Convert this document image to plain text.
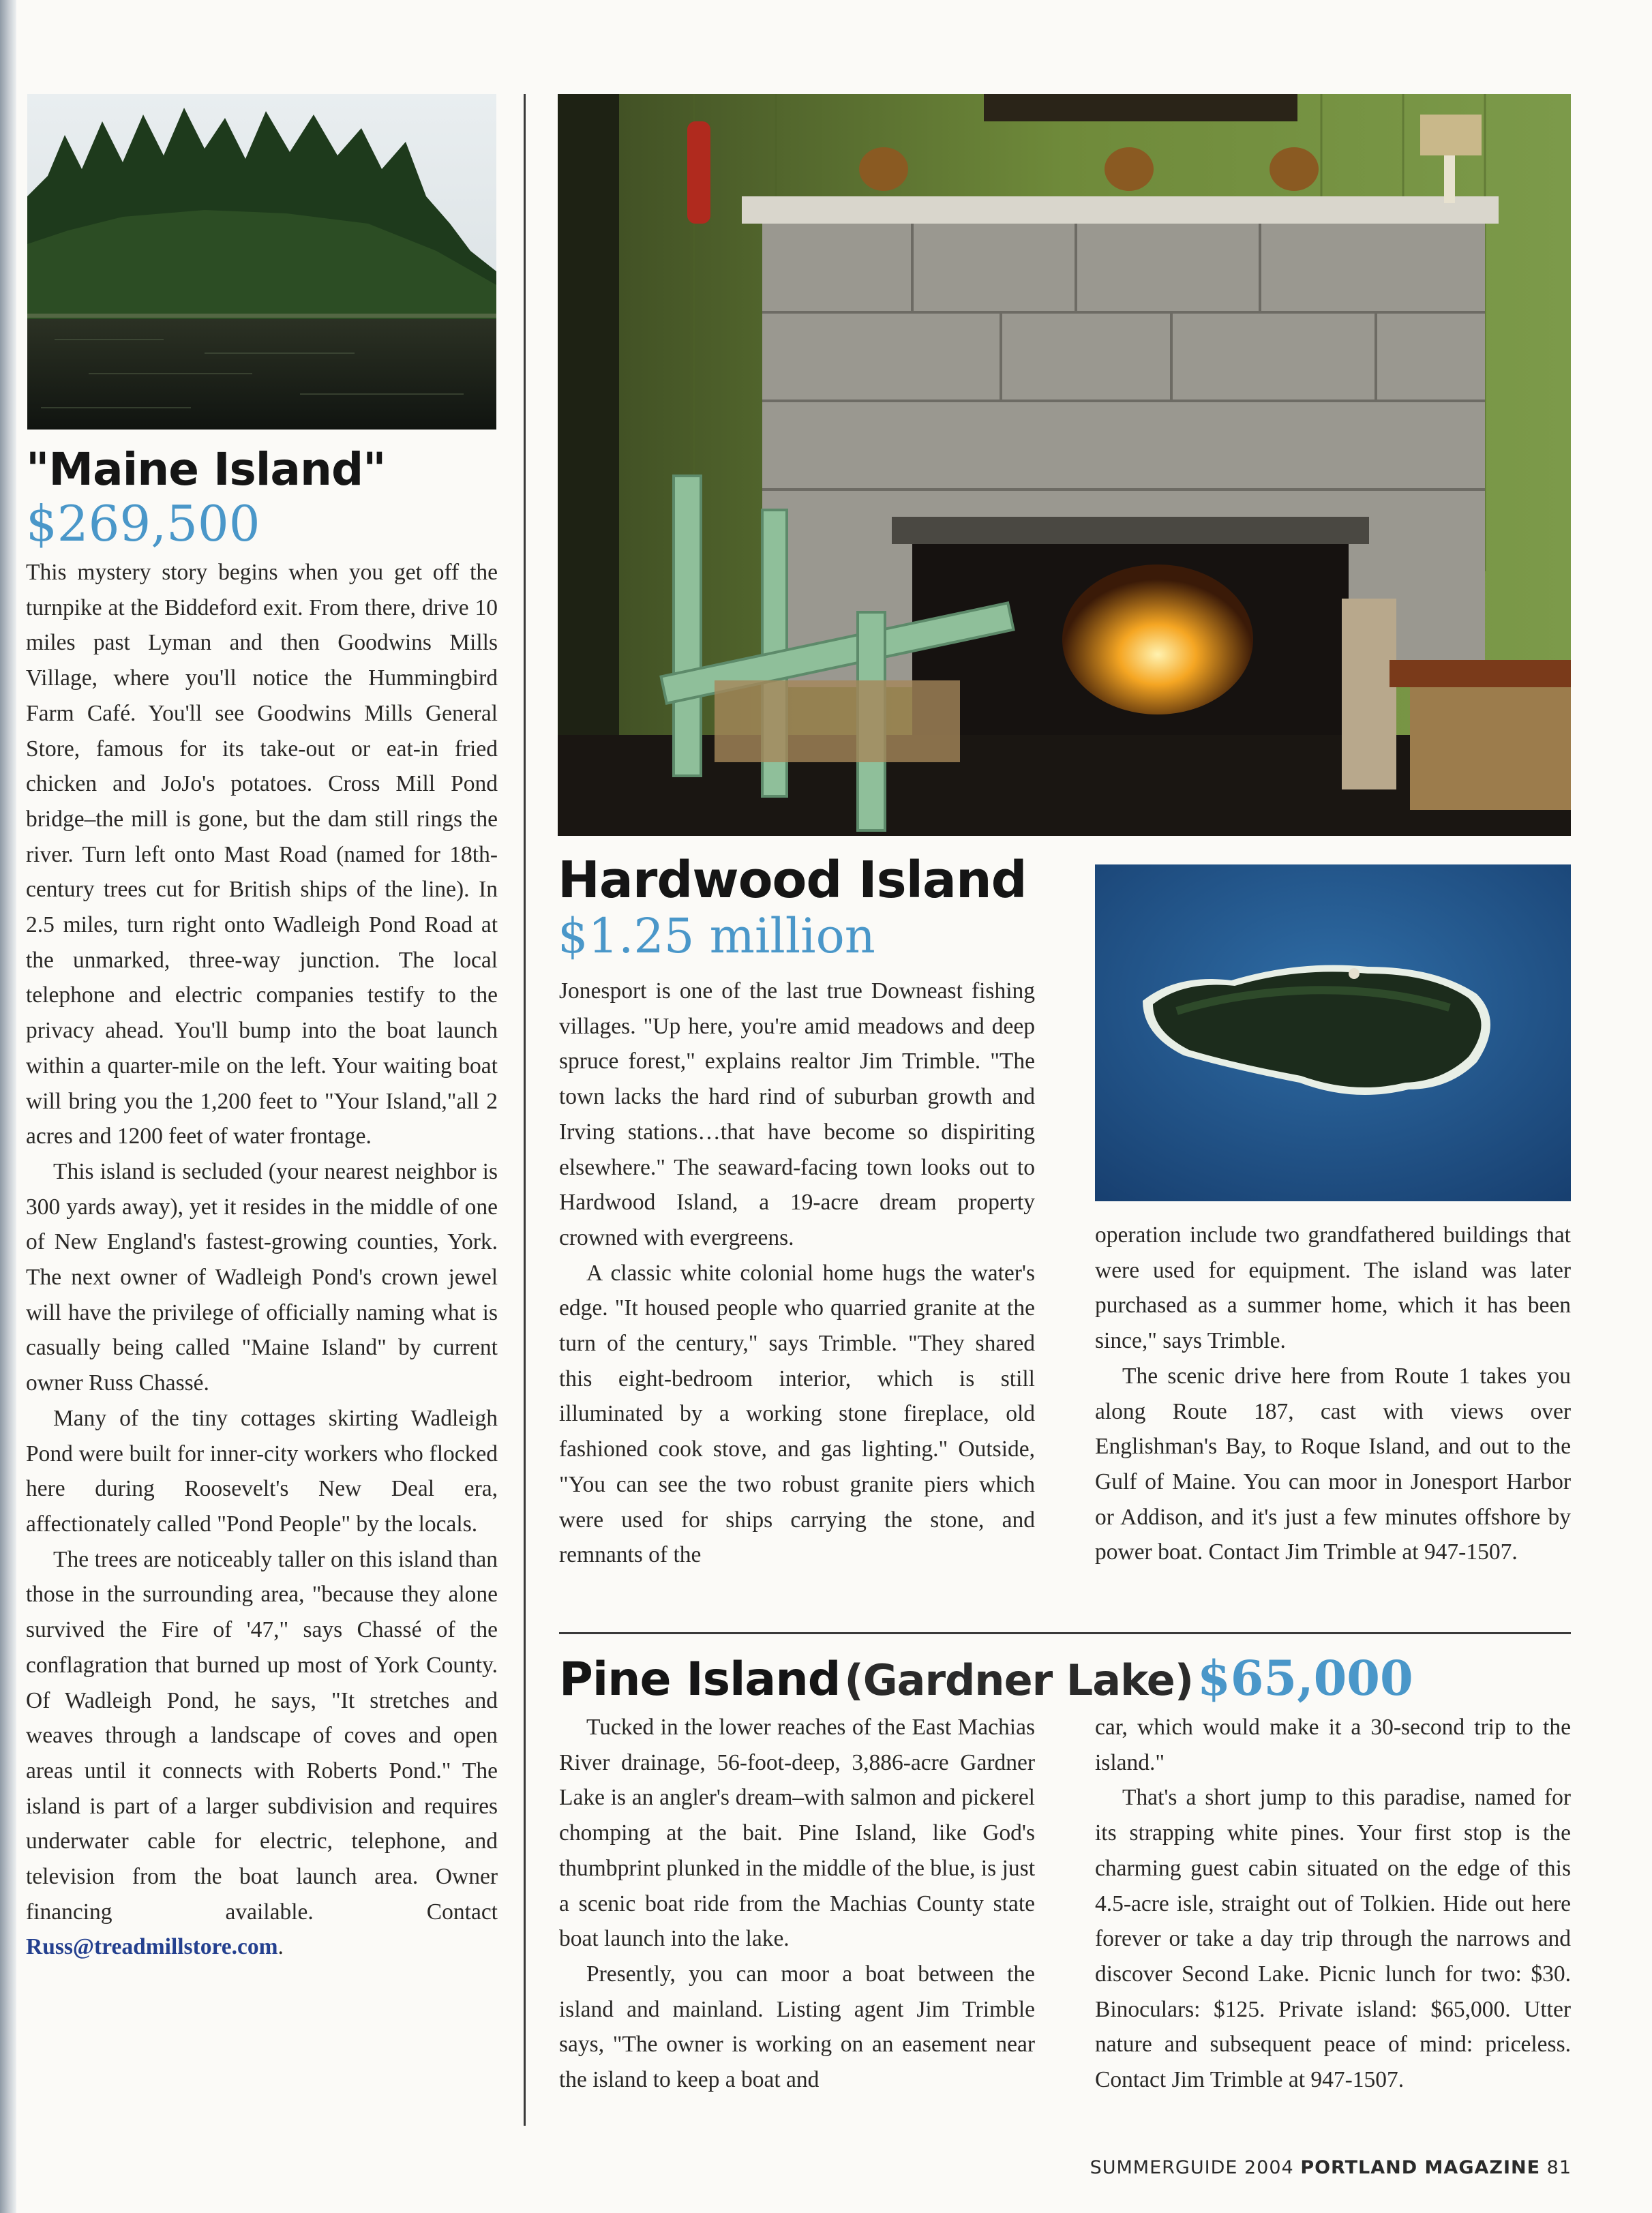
"Maine Island"
$269,500

This mystery story begins when you get off the turnpike at the Biddeford exit. From there, drive 10 miles past Lyman and then Goodwins Mills Village, where you'll notice the Hummingbird Farm Café. You'll see Goodwins Mills General Store, famous for its take-out or eat-in fried chicken and JoJo's potatoes. Cross Mill Pond bridge–the mill is gone, but the dam still rings the river. Turn left onto Mast Road (named for 18th-century trees cut for British ships of the line). In 2.5 miles, turn right onto Wadleigh Pond Road at the unmarked, three-way junction. The local telephone and electric companies testify to the privacy ahead. You'll bump into the boat launch within a quarter-mile on the left. Your waiting boat will bring you the 1,200 feet to "Your Island,"all 2 acres and 1200 feet of water frontage.

This island is secluded (your nearest neighbor is 300 yards away), yet it resides in the middle of one of New England's fastest-growing counties, York. The next owner of Wadleigh Pond's crown jewel will have the privilege of officially naming what is casually being called "Maine Island" by current owner Russ Chassé.

Many of the tiny cottages skirting Wadleigh Pond were built for inner-city workers who flocked here during Roosevelt's New Deal era, affectionately called "Pond People" by the locals.

The trees are noticeably taller on this island than those in the surrounding area, "because they alone survived the Fire of '47," says Chassé of the conflagration that burned up most of York County. Of Wadleigh Pond, he says, "It stretches and weaves through a landscape of coves and open areas until it connects with Roberts Pond." The island is part of a larger subdivision and requires underwater cable for electric, telephone, and television from the boat launch area. Owner financing available. Contact Russ@treadmillstore.com.

Hardwood Island
$1.25 million

Jonesport is one of the last true Downeast fishing villages. "Up here, you're amid meadows and deep spruce forest," explains realtor Jim Trimble. "The town lacks the hard rind of suburban growth and Irving stations…that have become so dispiriting elsewhere." The seaward-facing town looks out to Hardwood Island, a 19-acre dream property crowned with evergreens.

A classic white colonial home hugs the water's edge. "It housed people who quarried granite at the turn of the century," says Trimble. "They shared this eight-bedroom interior, which is still illuminated by a working stone fireplace, old fashioned cook stove, and gas lighting." Outside, "You can see the two robust granite piers which were used for ships carrying the stone, and remnants of the

operation include two grandfathered buildings that were used for equipment. The island was later purchased as a summer home, which it has been since," says Trimble.

The scenic drive here from Route 1 takes you along Route 187, cast with views over Englishman's Bay, to Roque Island, and out to the Gulf of Maine. You can moor in Jonesport Harbor or Addison, and it's just a few minutes offshore by power boat. Contact Jim Trimble at 947-1507.

Pine Island (Gardner Lake) $65,000

Tucked in the lower reaches of the East Machias River drainage, 56-foot-deep, 3,886-acre Gardner Lake is an angler's dream–with salmon and pickerel chomping at the bait. Pine Island, like God's thumbprint plunked in the middle of the blue, is just a scenic boat ride from the Machias County state boat launch into the lake.

Presently, you can moor a boat between the island and mainland. Listing agent Jim Trimble says, "The owner is working on an easement near the island to keep a boat and

car, which would make it a 30-second trip to the island."

That's a short jump to this paradise, named for its strapping white pines. Your first stop is the charming guest cabin situated on the edge of this 4.5-acre isle, straight out of Tolkien. Hide out here forever or take a day trip through the narrows and discover Second Lake. Picnic lunch for two: $30. Binoculars: $125. Private island: $65,000. Utter nature and subsequent peace of mind: priceless. Contact Jim Trimble at 947-1507.

SUMMERGUIDE 2004 PORTLAND MAGAZINE 81
